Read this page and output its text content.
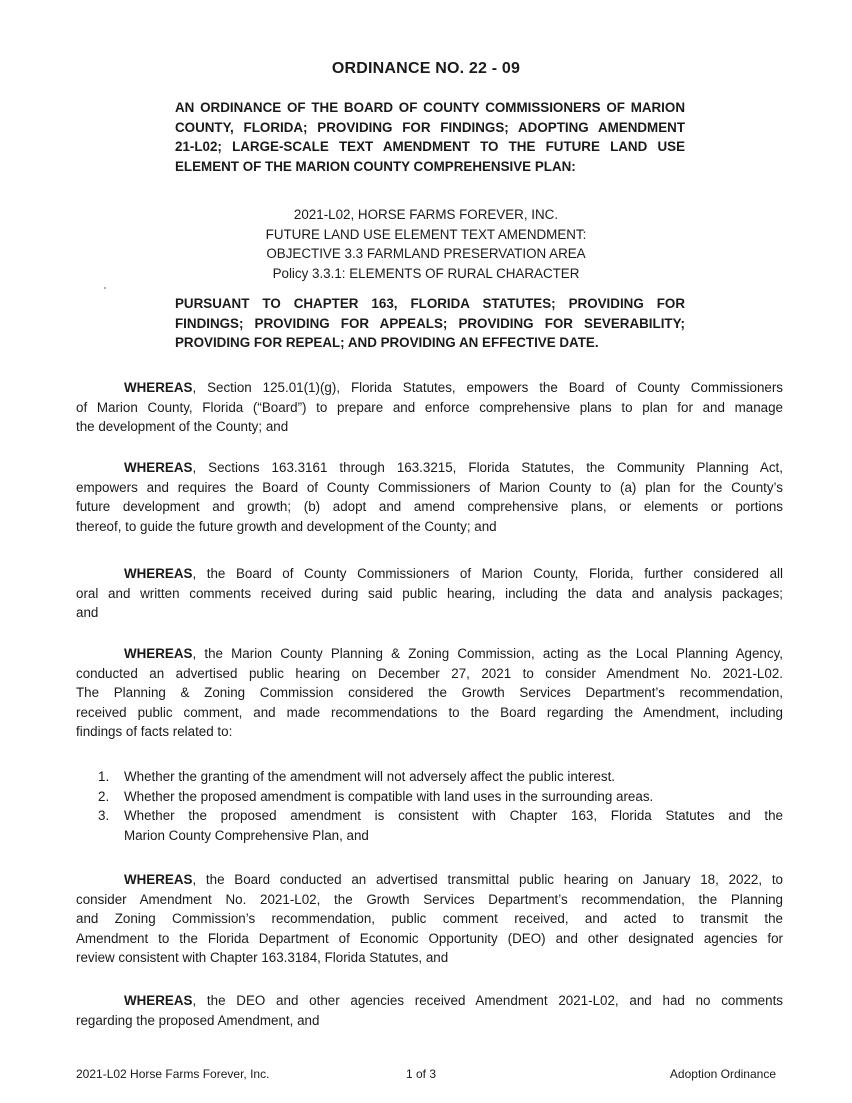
ORDINANCE NO. 22 - 09
AN ORDINANCE OF THE BOARD OF COUNTY COMMISSIONERS OF MARION
COUNTY, FLORIDA; PROVIDING FOR FINDINGS; ADOPTING AMENDMENT
21-L02; LARGE-SCALE TEXT AMENDMENT TO THE FUTURE LAND USE
ELEMENT OF THE MARION COUNTY COMPREHENSIVE PLAN:
2021-L02, HORSE FARMS FOREVER, INC.
FUTURE LAND USE ELEMENT TEXT AMENDMENT:
OBJECTIVE 3.3 FARMLAND PRESERVATION AREA
Policy 3.3.1: ELEMENTS OF RURAL CHARACTER
PURSUANT TO CHAPTER 163, FLORIDA STATUTES; PROVIDING FOR
FINDINGS; PROVIDING FOR APPEALS; PROVIDING FOR SEVERABILITY;
PROVIDING FOR REPEAL; AND PROVIDING AN EFFECTIVE DATE.
WHEREAS, Section 125.01(1)(g), Florida Statutes, empowers the Board of County Commissioners
of Marion County, Florida (“Board”) to prepare and enforce comprehensive plans to plan for and manage
the development of the County; and
WHEREAS, Sections 163.3161 through 163.3215, Florida Statutes, the Community Planning Act,
empowers and requires the Board of County Commissioners of Marion County to (a) plan for the County’s
future development and growth; (b) adopt and amend comprehensive plans, or elements or portions
thereof, to guide the future growth and development of the County; and
WHEREAS, the Board of County Commissioners of Marion County, Florida, further considered all
oral and written comments received during said public hearing, including the data and analysis packages;
and
WHEREAS, the Marion County Planning & Zoning Commission, acting as the Local Planning Agency,
conducted an advertised public hearing on December 27, 2021 to consider Amendment No. 2021-L02.
The Planning & Zoning Commission considered the Growth Services Department’s recommendation,
received public comment, and made recommendations to the Board regarding the Amendment, including
findings of facts related to:
1. Whether the granting of the amendment will not adversely affect the public interest.
2. Whether the proposed amendment is compatible with land uses in the surrounding areas.
3. Whether the proposed amendment is consistent with Chapter 163, Florida Statutes and the
Marion County Comprehensive Plan, and
WHEREAS, the Board conducted an advertised transmittal public hearing on January 18, 2022, to
consider Amendment No. 2021-L02, the Growth Services Department’s recommendation, the Planning
and Zoning Commission’s recommendation, public comment received, and acted to transmit the
Amendment to the Florida Department of Economic Opportunity (DEO) and other designated agencies for
review consistent with Chapter 163.3184, Florida Statutes, and
WHEREAS, the DEO and other agencies received Amendment 2021-L02, and had no comments
regarding the proposed Amendment, and
2021-L02 Horse Farms Forever, Inc.	1 of 3	Adoption Ordinance
